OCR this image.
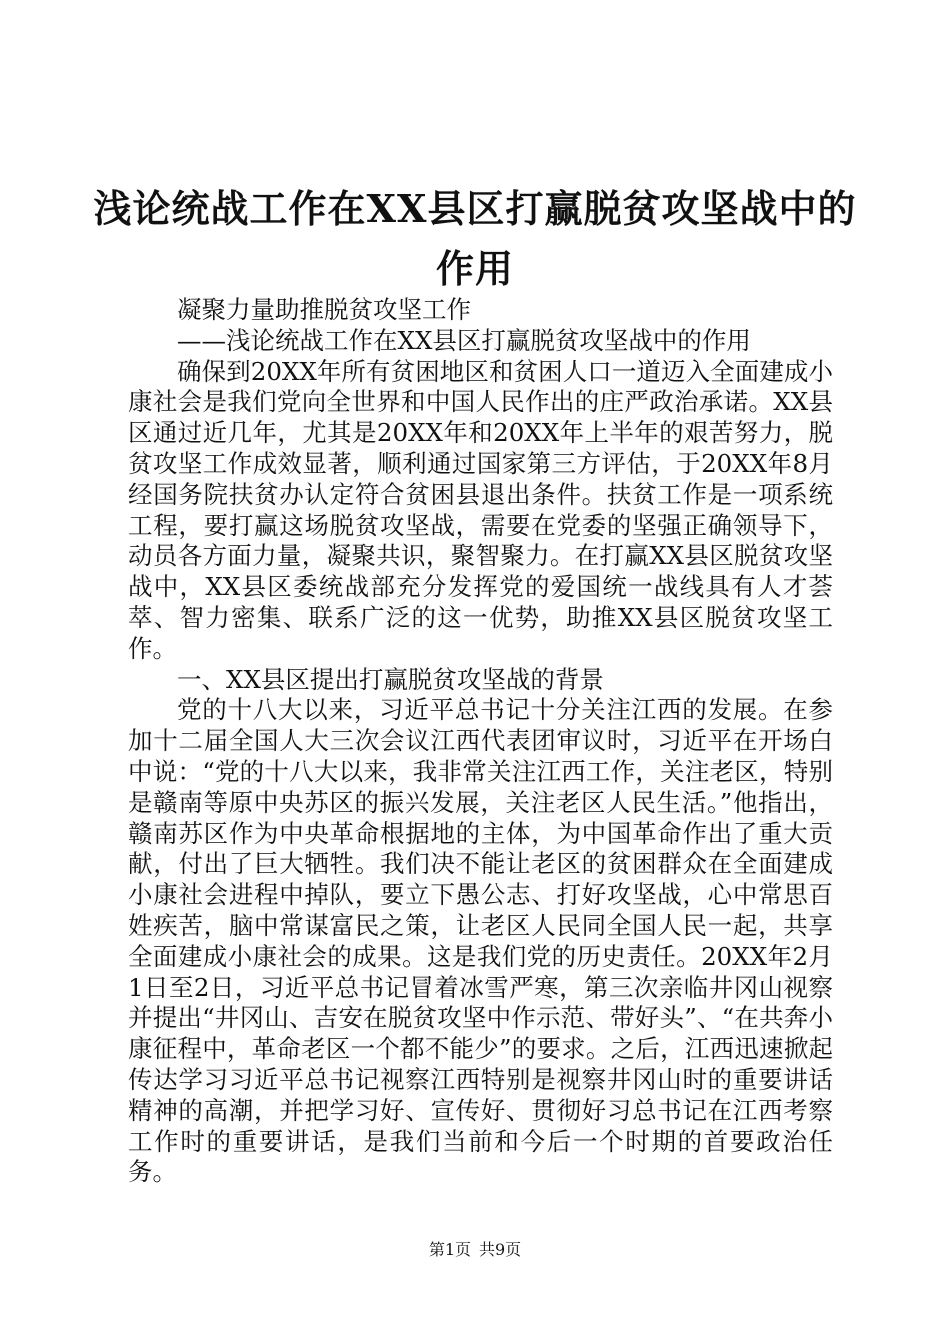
浅论统战工作在XX县区打赢脱贫攻坚战中的
作用

凝聚力量助推脱贫攻坚工作

——浅论统战工作在XX县区打赢脱贫攻坚战中的作用

确保到20XX年所有贫困地区和贫困人口一道迈入全面建成小康社会是我们党向全世界和中国人民作出的庄严政治承诺。XX县区通过近几年，尤其是20XX年和20XX年上半年的艰苦努力，脱贫攻坚工作成效显著，顺利通过国家第三方评估，于20XX年8月经国务院扶贫办认定符合贫困县退出条件。扶贫工作是一项系统工程，要打赢这场脱贫攻坚战，需要在党委的坚强正确领导下，动员各方面力量，凝聚共识，聚智聚力。在打赢XX县区脱贫攻坚战中，XX县区委统战部充分发挥党的爱国统一战线具有人才荟萃、智力密集、联系广泛的这一优势，助推XX县区脱贫攻坚工作。

一、XX县区提出打赢脱贫攻坚战的背景

党的十八大以来，习近平总书记十分关注江西的发展。在参加十二届全国人大三次会议江西代表团审议时，习近平在开场白中说：“党的十八大以来，我非常关注江西工作，关注老区，特别是赣南等原中央苏区的振兴发展，关注老区人民生活。”他指出，赣南苏区作为中央革命根据地的主体，为中国革命作出了重大贡献，付出了巨大牺牲。我们决不能让老区的贫困群众在全面建成小康社会进程中掉队，要立下愚公志、打好攻坚战，心中常思百姓疾苦，脑中常谋富民之策，让老区人民同全国人民一起，共享全面建成小康社会的成果。这是我们党的历史责任。20XX年2月1日至2日，习近平总书记冒着冰雪严寒，第三次亲临井冈山视察并提出“井冈山、吉安在脱贫攻坚中作示范、带好头”、“在共奔小康征程中，革命老区一个都不能少”的要求。之后，江西迅速掀起传达学习习近平总书记视察江西特别是视察井冈山时的重要讲话精神的高潮，并把学习好、宣传好、贯彻好习总书记在江西考察工作时的重要讲话，是我们当前和今后一个时期的首要政治任务。

第1页 共9页
